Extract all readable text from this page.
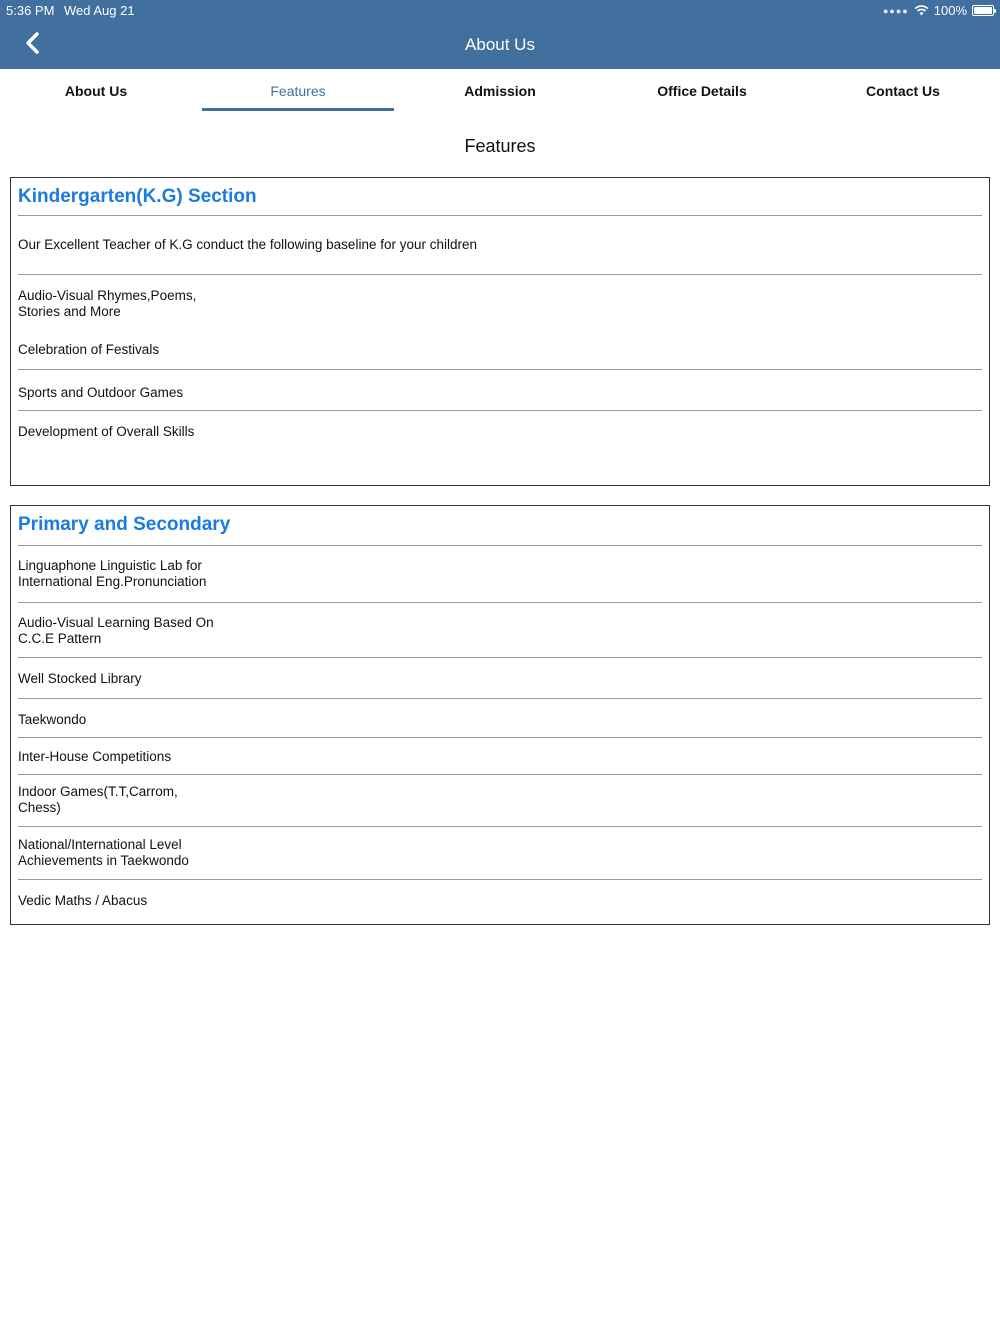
5:36 PM Wed Aug 21	●●●● 100%
About Us
About Us	Features	Admission	Office Details	Contact Us
Features
Kindergarten(K.G) Section
Our Excellent Teacher of K.G conduct the following baseline for your children
Audio-Visual Rhymes,Poems,
Stories and More
Celebration of Festivals
Sports and Outdoor Games
Development of Overall Skills
Primary and Secondary
Linguaphone Linguistic Lab for
International Eng.Pronunciation
Audio-Visual Learning Based On
C.C.E Pattern
Well Stocked Library
Taekwondo
Inter-House Competitions
Indoor Games(T.T,Carrom,
Chess)
National/International Level
Achievements in Taekwondo
Vedic Maths / Abacus
